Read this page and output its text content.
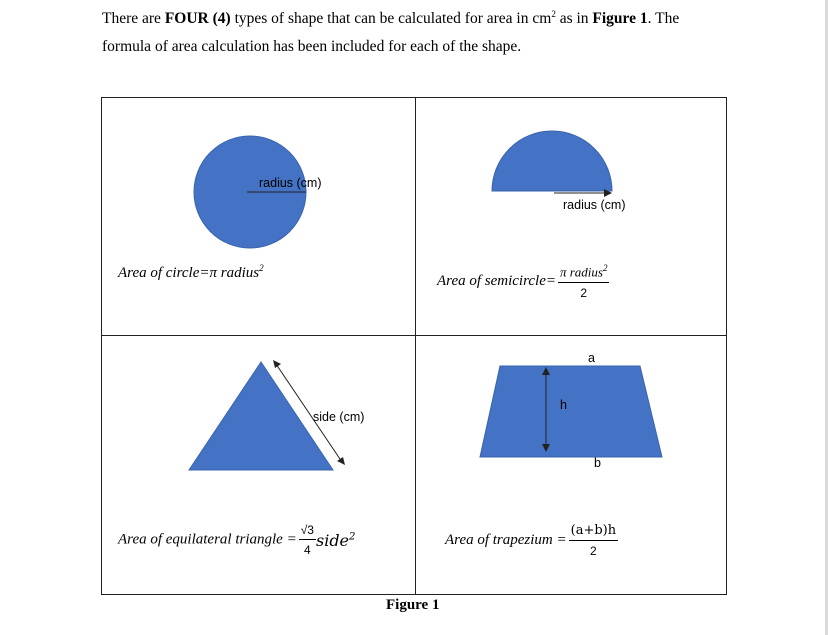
There are FOUR (4) types of shape that can be calculated for area in $cm^2$ as in Figure 1. The

formula of area calculation has been included for each of the shape.

radius (cm)
Area of circle=π radius$^2$
radius (cm)
Area of semicircle= $\frac{\pi radius^2}{2}$
side (cm)
Area of equilateral triangle = $\frac{√3}{4}$ side$^2$
a
h
b
Area of trapezium = $\frac{(a+b)h}{2}$
Figure 1
